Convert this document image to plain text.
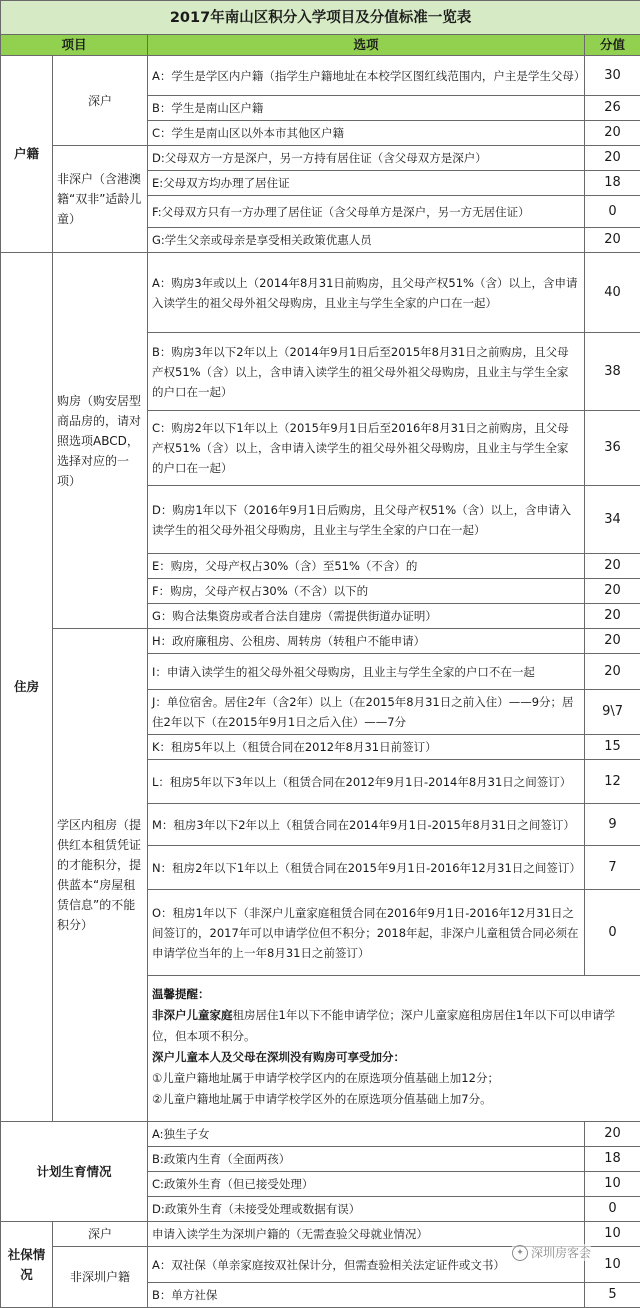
2017年南山区积分入学项目及分值标准一览表			
项目		选项	分值
户籍	深户	A：学生是学区内户籍（指学生户籍地址在本校学区图红线范围内，户主是学生父母）	30
		B：学生是南山区户籍	26
		C：学生是南山区以外本市其他区户籍	20
	非深户（含港澳籍“双非”适龄儿童）	D:父母双方一方是深户，另一方持有居住证（含父母双方是深户）	20
		E:父母双方均办理了居住证	18
		F:父母双方只有一方办理了居住证（含父母单方是深户，另一方无居住证）	0
		G:学生父亲或母亲是享受相关政策优惠人员	20
住房	购房（购安居型商品房的，请对照选项ABCD，选择对应的一项）	A：购房3年或以上（2014年8月31日前购房，且父母产权51%（含）以上，含申请入读学生的祖父母外祖父母购房，且业主与学生全家的户口在一起）	40
		B：购房3年以下2年以上（2014年9月1日后至2015年8月31日之前购房，且父母产权51%（含）以上，含申请入读学生的祖父母外祖父母购房，且业主与学生全家的户口在一起）	38
		C：购房2年以下1年以上（2015年9月1日后至2016年8月31日之前购房，且父母产权51%（含）以上，含申请入读学生的祖父母外祖父母购房，且业主与学生全家的户口在一起）	36
		D：购房1年以下（2016年9月1日后购房，且父母产权51%（含）以上，含申请入读学生的祖父母外祖父母购房，且业主与学生全家的户口在一起）	34
		E：购房，父母产权占30%（含）至51%（不含）的	20
		F：购房，父母产权占30%（不含）以下的	20
		G：购合法集资房或者合法自建房（需提供街道办证明）	20
	学区内租房（提供红本租赁凭证的才能积分，提供蓝本“房屋租赁信息”的不能积分）	H：政府廉租房、公租房、周转房（转租户不能申请）	20
		I：申请入读学生的祖父母外祖父母购房，且业主与学生全家的户口不在一起	20
		J：单位宿舍。居住2年（含2年）以上（在2015年8月31日之前入住）——9分；居住2年以下（在2015年9月1日之后入住）——7分	9\7
		K：租房5年以上（租赁合同在2012年8月31日前签订）	15
		L：租房5年以下3年以上（租赁合同在2012年9月1日-2014年8月31日之间签订）	12
		M：租房3年以下2年以上（租赁合同在2014年9月1日-2015年8月31日之间签订）	9
		N：租房2年以下1年以上（租赁合同在2015年9月1日-2016年12月31日之间签订）	7
		O：租房1年以下（非深户儿童家庭租赁合同在2016年9月1日-2016年12月31日之间签订的，2017年可以申请学位但不积分；2018年起，非深户儿童租赁合同必须在申请学位当年的上一年8月31日之前签订）	0

		温馨提醒：
非深户儿童家庭租房居住1年以下不能申请学位；深户儿童家庭租房居住1年以下可以申请学位，但本项不积分。
深户儿童本人及父母在深圳没有购房可享受加分：
①儿童户籍地址属于申请学校学区内的在原选项分值基础上加12分；
②儿童户籍地址属于申请学校学区外的在原选项分值基础上加7分。	

计划生育情况		A:独生子女	20
		B:政策内生育（全面两孩）	18
		C:政策外生育（但已接受处理）	10
		D:政策外生育（未接受处理或数据有误）	0
社保情况	深户	申请入读学生为深圳户籍的（无需查验父母就业情况）	10
	非深圳户籍	A：双社保（单亲家庭按双社保计分，但需查验相关法定证件或文书）	10
		B：单方社保	5
✦ 深圳房客会
